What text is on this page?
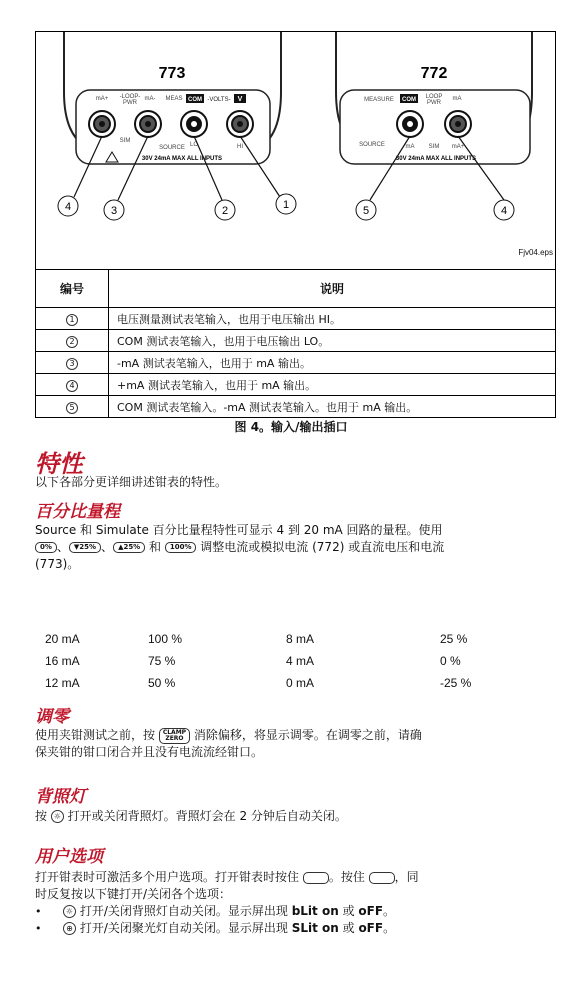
773
mA+ -LOOP-
PWR
mA- MEAS COM -VOLTS- V
SIM
SOURCE LO	HI
30V 24mA MAX ALL INPUTS
772
MEASURE COM LOOP
PWR
mA
SOURCE	mA SIM mA+
30V 24mA MAX ALL INPUTS
4	3	2	1	5	4
Fjv04.eps
编号	说明
1	电压测量测试表笔输入，也用于电压输出 HI。
2	COM 测试表笔输入，也用于电压输出 LO。
3	-mA 测试表笔输入，也用于 mA 输出。
4	+mA 测试表笔输入，也用于 mA 输出。
5	COM 测试表笔输入。-mA 测试表笔输入。也用于 mA 输出。
图 4。输入/输出插口
特性
以下各部分更详细讲述钳表的特性。
百分比量程
Source 和 Simulate 百分比量程特性可显示 4 到 20 mA 回路的量程。使用
0% 、 ▼25% 、 ▲25% 和 100% 调整电流或模拟电流 (772) 或直流电压和电流
(773)。
20 mA	100 %	8 mA	25 %
16 mA	75 %	4 mA	0 %
12 mA	50 %	0 mA	-25 %
调零
使用夹钳测试之前，按 CLAMP
ZERO 消除偏移，将显示调零。在调零之前，请确
保夹钳的钳口闭合并且没有电流流经钳口。
背照灯
按 ☼ 打开或关闭背照灯。背照灯会在 2 分钟后自动关闭。
用户选项
打开钳表时可激活多个用户选项。打开钳表时按住 。按住 ，同
时反复按以下键打开/关闭各个选项：
•	☼ 打开/关闭背照灯自动关闭。显示屏出现 bLit on 或 oFF。
•	⊕ 打开/关闭聚光灯自动关闭。显示屏出现 SLit on 或 oFF。
